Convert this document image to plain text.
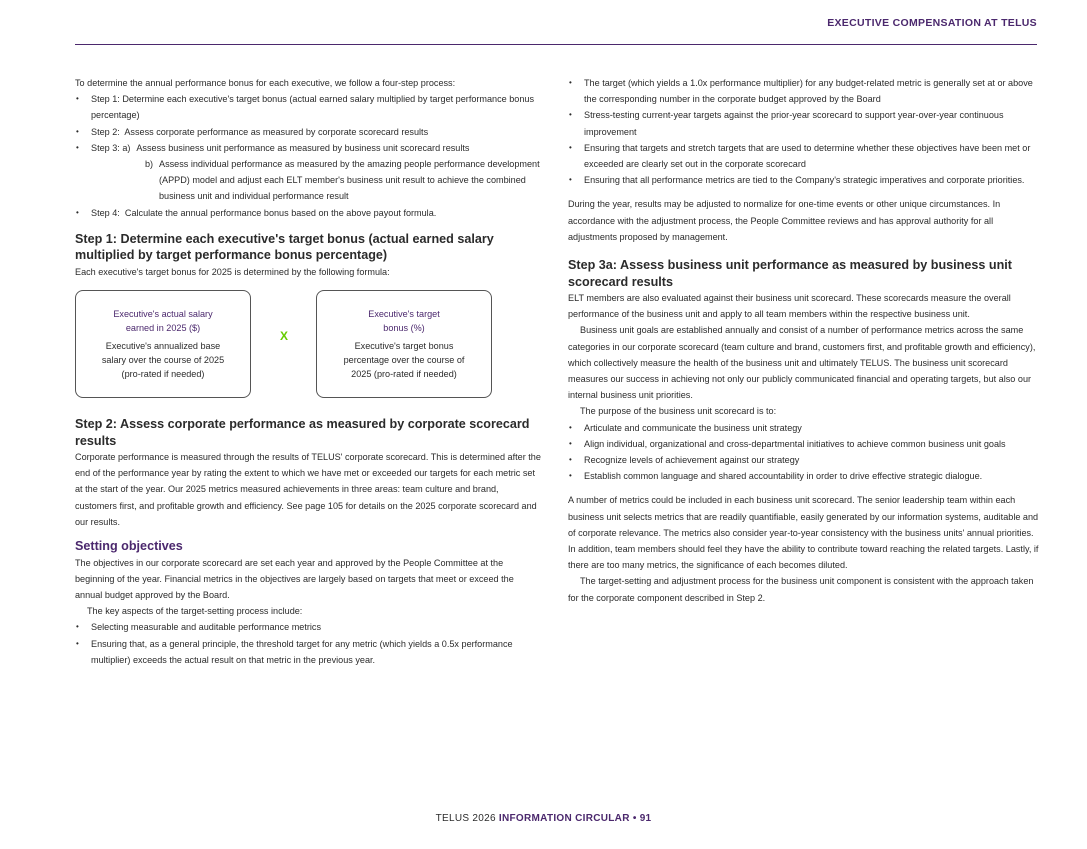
EXECUTIVE COMPENSATION AT TELUS

To determine the annual performance bonus for each executive, we follow a four-step process:

• Step 1: Determine each executive's target bonus (actual earned salary multiplied by target performance bonus percentage)
• Step 2:  Assess corporate performance as measured by corporate scorecard results
• Step 3:
a) Assess business unit performance as measured by business unit scorecard results
b) Assess individual performance as measured by the amazing people performance development (APPD) model and adjust each ELT member's business unit result to achieve the combined business unit and individual performance result
• Step 4:  Calculate the annual performance bonus based on the above payout formula.
Step 1: Determine each executive's target bonus (actual earned salary multiplied by target performance bonus percentage)

Each executive's target bonus for 2025 is determined by the following formula:

Executive's actual salary
earned in 2025 ($)
Executive's annualized base
salary over the course of 2025
(pro-rated if needed)
X
Executive's target
bonus (%)
Executive's target bonus
percentage over the course of
2025 (pro-rated if needed)
Step 2: Assess corporate performance as measured by corporate scorecard results

Corporate performance is measured through the results of TELUS' corporate scorecard. This is determined after the end of the performance year by rating the extent to which we have met or exceeded our targets for each metric set at the start of the year. Our 2025 metrics measured achievements in three areas: team culture and brand, customers first, and profitable growth and efficiency. See page 105 for details on the 2025 corporate scorecard and our results.

Setting objectives

The objectives in our corporate scorecard are set each year and approved by the People Committee at the beginning of the year. Financial metrics in the objectives are largely based on targets that meet or exceed the annual budget approved by the Board.

The key aspects of the target-setting process include:

• Selecting measurable and auditable performance metrics
• Ensuring that, as a general principle, the threshold target for any metric (which yields a 0.5x performance multiplier) exceeds the actual result on that metric in the previous year.
• The target (which yields a 1.0x performance multiplier) for any budget-related metric is generally set at or above the corresponding number in the corporate budget approved by the Board
• Stress-testing current-year targets against the prior-year scorecard to support year-over-year continuous improvement
• Ensuring that targets and stretch targets that are used to determine whether these objectives have been met or exceeded are clearly set out in the corporate scorecard
• Ensuring that all performance metrics are tied to the Company's strategic imperatives and corporate priorities.

During the year, results may be adjusted to normalize for one-time events or other unique circumstances. In accordance with the adjustment process, the People Committee reviews and has approval authority for all adjustments proposed by management.

Step 3a: Assess business unit performance as measured by business unit scorecard results

ELT members are also evaluated against their business unit scorecard. These scorecards measure the overall performance of the business unit and apply to all team members within the respective business unit.

Business unit goals are established annually and consist of a number of performance metrics across the same categories in our corporate scorecard (team culture and brand, customers first, and profitable growth and efficiency), which collectively measure the health of the business unit and ultimately TELUS. The business unit scorecard measures our success in achieving not only our publicly communicated financial and operating targets, but also our internal business unit priorities.

The purpose of the business unit scorecard is to:

• Articulate and communicate the business unit strategy
• Align individual, organizational and cross-departmental initiatives to achieve common business unit goals
• Recognize levels of achievement against our strategy
• Establish common language and shared accountability in order to drive effective strategic dialogue.

A number of metrics could be included in each business unit scorecard. The senior leadership team within each business unit selects metrics that are readily quantifiable, easily generated by our information systems, auditable and of corporate relevance. The metrics also consider year-to-year consistency with the business units' annual priorities. In addition, team members should feel they have the ability to contribute toward reaching the related targets. Lastly, if there are too many metrics, the significance of each becomes diluted.

The target-setting and adjustment process for the business unit component is consistent with the approach taken for the corporate component described in Step 2.

TELUS 2026 INFORMATION CIRCULAR • 91
